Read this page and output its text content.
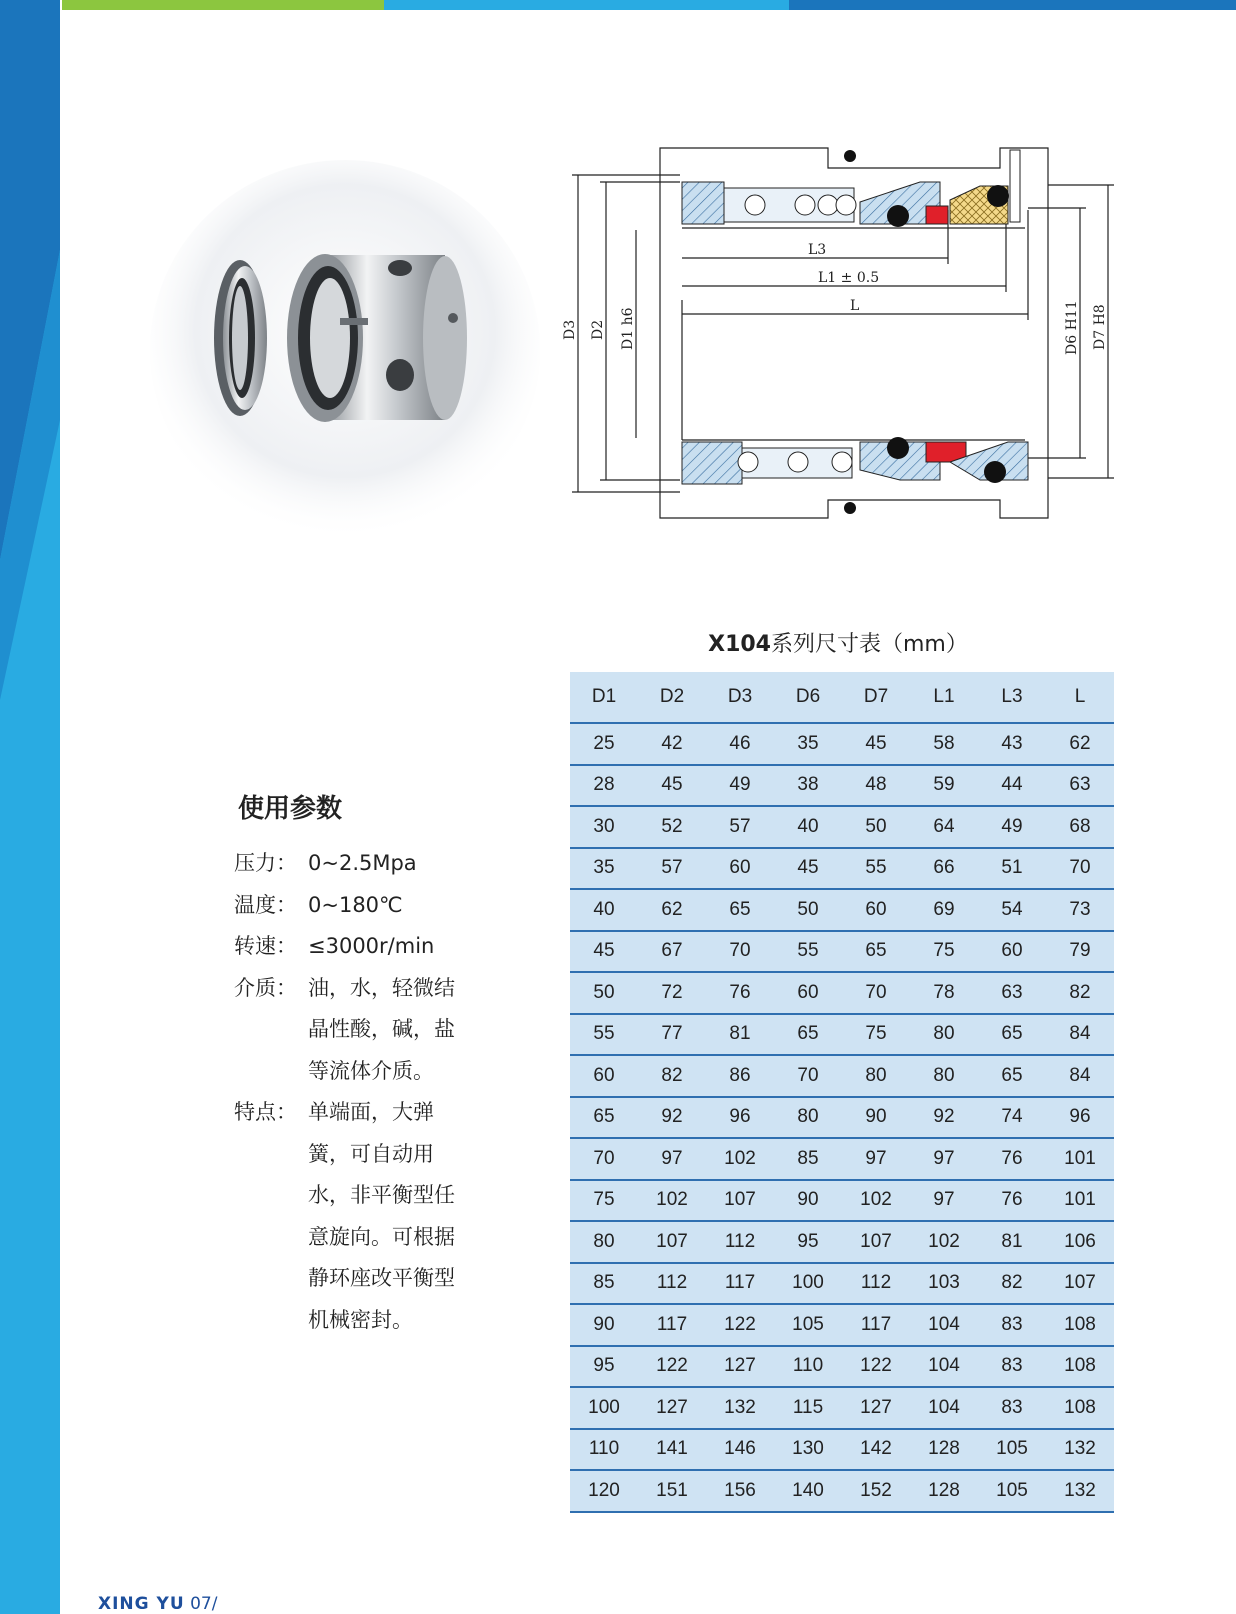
D3 D2 D1 h6	D6 H11 D7 H8
L3
L1 ± 0.5
L
X104系列尺寸表（mm）
D1	D2	D3	D6	D7	L1	L3	L
25	42	46	35	45	58	43	62
28	45	49	38	48	59	44	63
30	52	57	40	50	64	49	68
35	57	60	45	55	66	51	70
40	62	65	50	60	69	54	73
45	67	70	55	65	75	60	79
50	72	76	60	70	78	63	82
55	77	81	65	75	80	65	84
60	82	86	70	80	80	65	84
65	92	96	80	90	92	74	96
70	97	102	85	97	97	76	101
75	102	107	90	102	97	76	101
80	107	112	95	107	102	81	106
85	112	117	100	112	103	82	107
90	117	122	105	117	104	83	108
95	122	127	110	122	104	83	108
100	127	132	115	127	104	83	108
110	141	146	130	142	128	105	132
120	151	156	140	152	128	105	132
使用参数
压力： 0~2.5Mpa
温度： 0~180℃
转速： ≤3000r/min
介质： 油，水，轻微结
晶性酸，碱，盐
等流体介质。
特点： 单端面，大弹
簧，可自动用
水，非平衡型任
意旋向。可根据
静环座改平衡型
机械密封。
XING YU 07/
